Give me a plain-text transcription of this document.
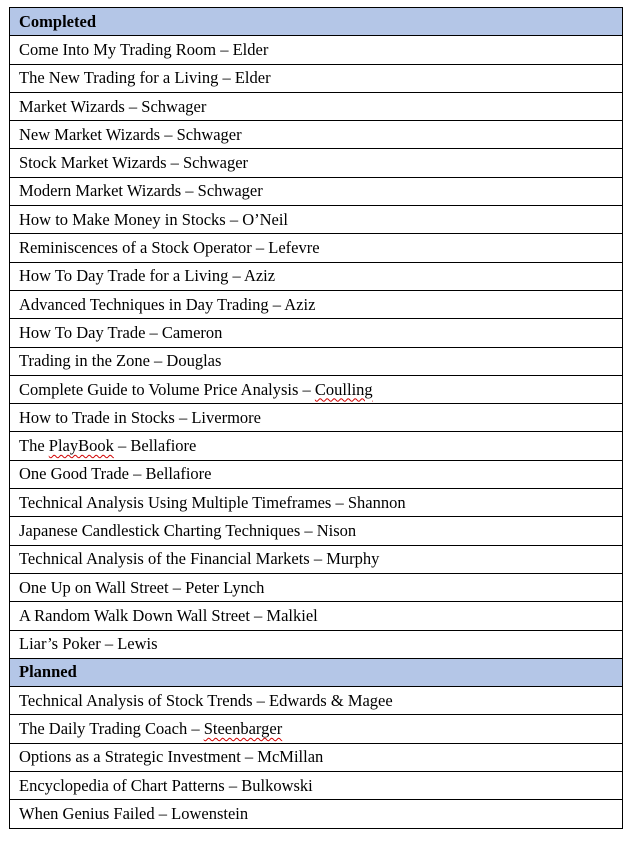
Completed
Come Into My Trading Room – Elder
The New Trading for a Living – Elder
Market Wizards – Schwager
New Market Wizards – Schwager
Stock Market Wizards – Schwager
Modern Market Wizards – Schwager
How to Make Money in Stocks – O’Neil
Reminiscences of a Stock Operator – Lefevre
How To Day Trade for a Living – Aziz
Advanced Techniques in Day Trading – Aziz
How To Day Trade – Cameron
Trading in the Zone – Douglas
Complete Guide to Volume Price Analysis – Coulling
How to Trade in Stocks – Livermore
The PlayBook – Bellafiore
One Good Trade – Bellafiore
Technical Analysis Using Multiple Timeframes – Shannon
Japanese Candlestick Charting Techniques – Nison
Technical Analysis of the Financial Markets – Murphy
One Up on Wall Street – Peter Lynch
A Random Walk Down Wall Street – Malkiel
Liar’s Poker – Lewis
Planned
Technical Analysis of Stock Trends – Edwards & Magee
The Daily Trading Coach – Steenbarger
Options as a Strategic Investment – McMillan
Encyclopedia of Chart Patterns – Bulkowski
When Genius Failed – Lowenstein
